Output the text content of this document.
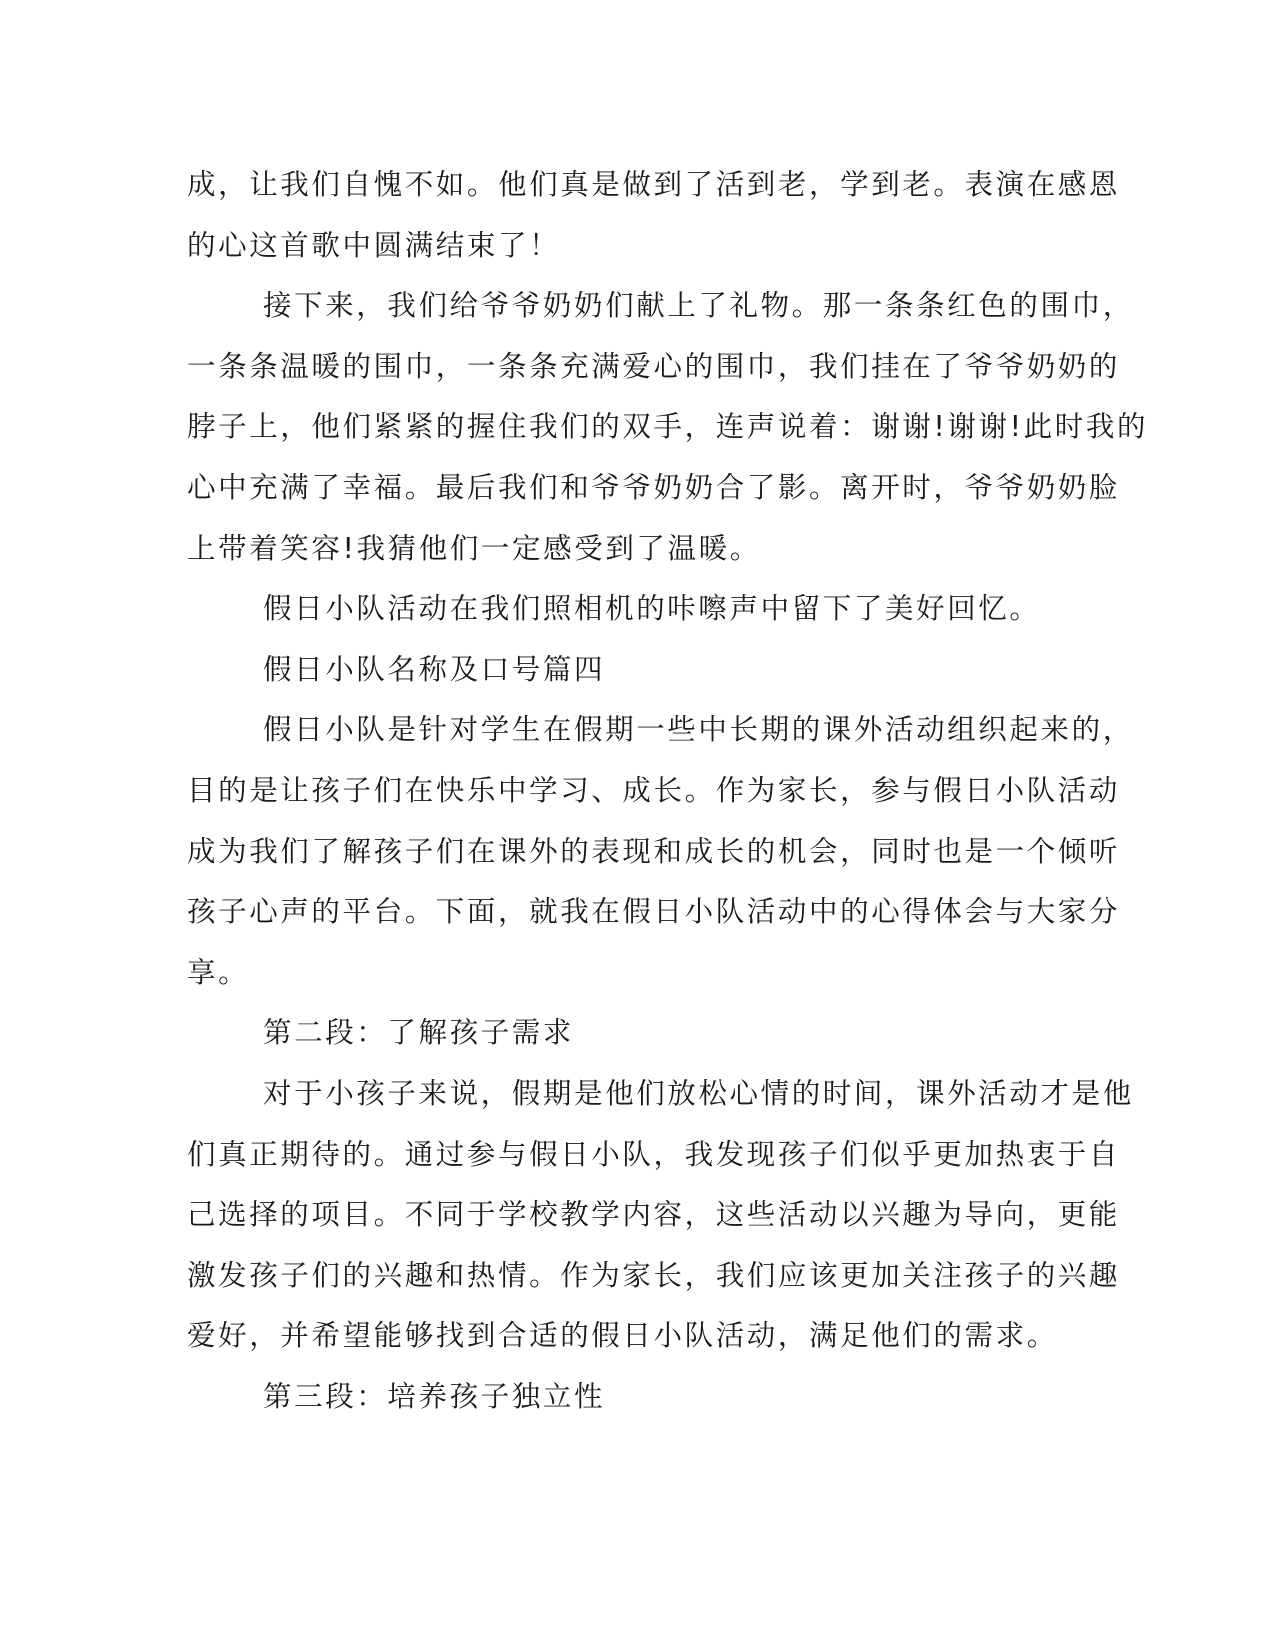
成，让我们自愧不如。他们真是做到了活到老，学到老。表演在感恩
的心这首歌中圆满结束了！

接下来，我们给爷爷奶奶们献上了礼物。那一条条红色的围巾，
一条条温暖的围巾，一条条充满爱心的围巾，我们挂在了爷爷奶奶的
脖子上，他们紧紧的握住我们的双手，连声说着：谢谢!谢谢!此时我的
心中充满了幸福。最后我们和爷爷奶奶合了影。离开时，爷爷奶奶脸
上带着笑容!我猜他们一定感受到了温暖。

假日小队活动在我们照相机的咔嚓声中留下了美好回忆。

假日小队名称及口号篇四

假日小队是针对学生在假期一些中长期的课外活动组织起来的，
目的是让孩子们在快乐中学习、成长。作为家长，参与假日小队活动
成为我们了解孩子们在课外的表现和成长的机会，同时也是一个倾听
孩子心声的平台。下面，就我在假日小队活动中的心得体会与大家分
享。

第二段：了解孩子需求

对于小孩子来说，假期是他们放松心情的时间，课外活动才是他
们真正期待的。通过参与假日小队，我发现孩子们似乎更加热衷于自
己选择的项目。不同于学校教学内容，这些活动以兴趣为导向，更能
激发孩子们的兴趣和热情。作为家长，我们应该更加关注孩子的兴趣
爱好，并希望能够找到合适的假日小队活动，满足他们的需求。

第三段：培养孩子独立性
